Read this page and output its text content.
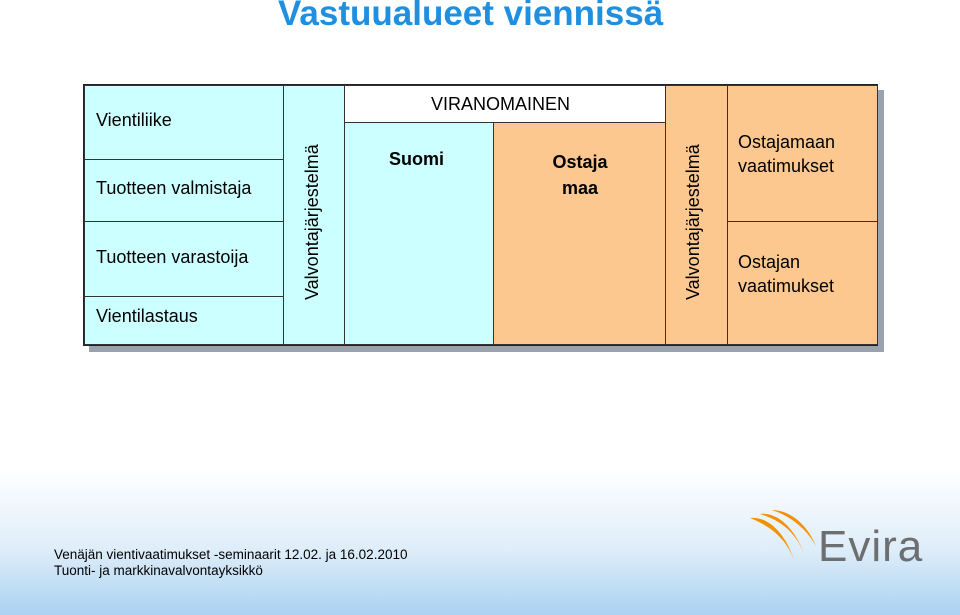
Vastuualueet viennissä
Vientiliike
Tuotteen valmistaja
Tuotteen varastoija
Vientilastaus
Valvontajärjestelmä
VIRANOMAINEN
Suomi	Ostaja maa	Valvontajärjestelmä
Ostajamaan vaatimukset
Ostajan vaatimukset
Venäjän vientivaatimukset -seminaarit 12.02. ja 16.02.2010
Tuonti- ja markkinavalvontayksikkö	Evira
